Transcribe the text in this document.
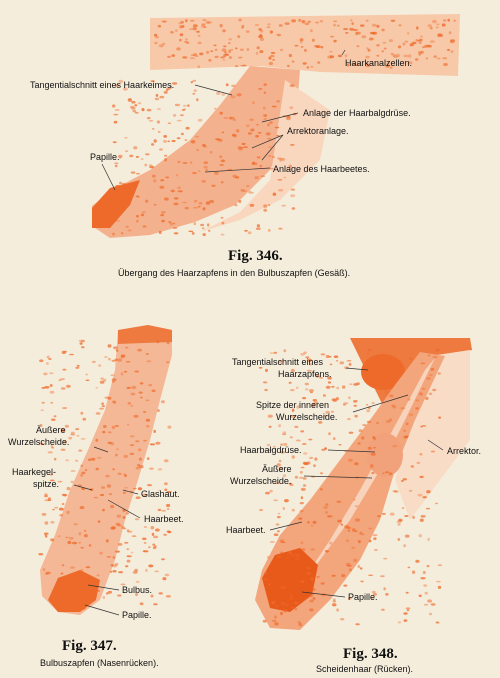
Tangentialschnitt eines Haarkeimes.
Haarkanalzellen.
Anlage der Haarbalgdrüse.
Arrektoranlage.
Anlage des Haarbeetes.
Papille.
Fig. 346.
Übergang des Haarzapfens in den Bulbuszapfen (Gesäß).
Äußere
Wurzelscheide.
Haarkegel-
spitze.
Glashaut.
Haarbeet.
Bulbus.
Papille.
Fig. 347.
Bulbuszapfen (Nasenrücken).
Tangentialschnitt eines
Haarzapfens.
Spitze der inneren
Wurzelscheide.
Haarbalgdrüse.
Äußere
Wurzelscheide.
Arrektor.
Haarbeet.
Papille.
Fig. 348.
Scheidenhaar (Rücken).
